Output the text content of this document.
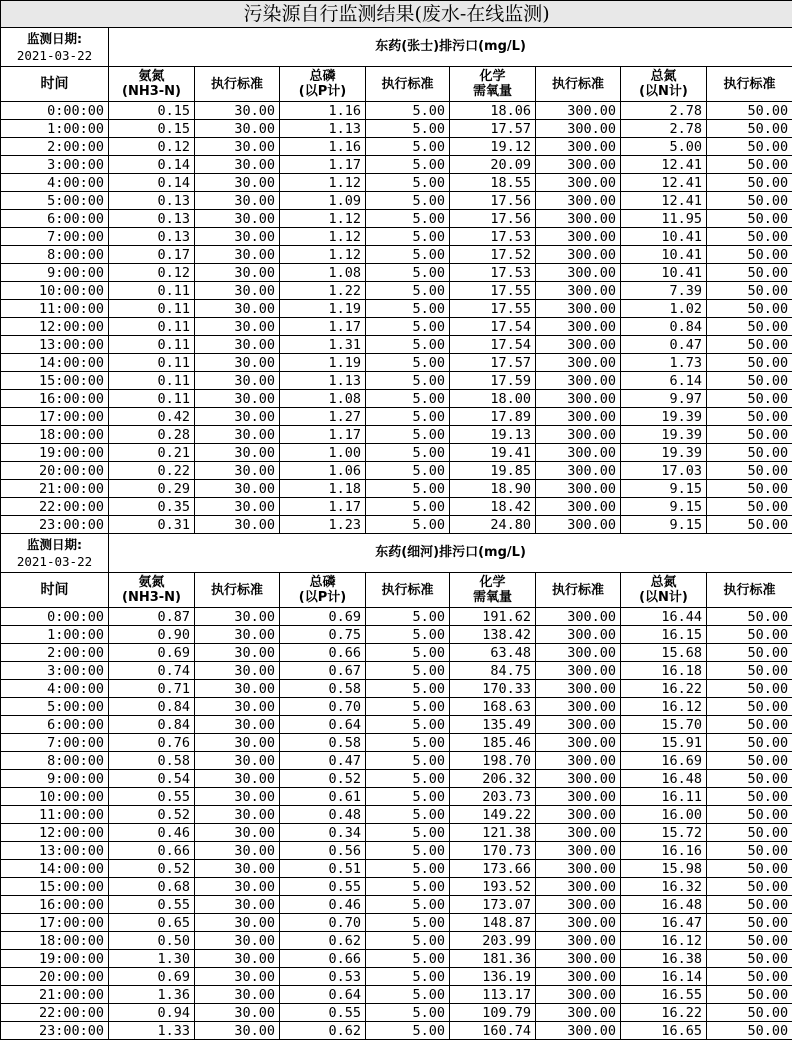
污染源自行监测结果(废水-在线监测)								

监测日期:
2021-03-22	东药(张士)排污口(mg/L)							
时间	氨氮
(NH3-N)	执行标准	总磷
(以P计)	执行标准	化学
需氧量	执行标准	总氮
(以N计)	执行标准
0:00:00	0.15	30.00	1.16	5.00	18.06	300.00	2.78	50.00
1:00:00	0.15	30.00	1.13	5.00	17.57	300.00	2.78	50.00
2:00:00	0.12	30.00	1.16	5.00	19.12	300.00	5.00	50.00
3:00:00	0.14	30.00	1.17	5.00	20.09	300.00	12.41	50.00
4:00:00	0.14	30.00	1.12	5.00	18.55	300.00	12.41	50.00
5:00:00	0.13	30.00	1.09	5.00	17.56	300.00	12.41	50.00
6:00:00	0.13	30.00	1.12	5.00	17.56	300.00	11.95	50.00
7:00:00	0.13	30.00	1.12	5.00	17.53	300.00	10.41	50.00
8:00:00	0.17	30.00	1.12	5.00	17.52	300.00	10.41	50.00
9:00:00	0.12	30.00	1.08	5.00	17.53	300.00	10.41	50.00
10:00:00	0.11	30.00	1.22	5.00	17.55	300.00	7.39	50.00
11:00:00	0.11	30.00	1.19	5.00	17.55	300.00	1.02	50.00
12:00:00	0.11	30.00	1.17	5.00	17.54	300.00	0.84	50.00
13:00:00	0.11	30.00	1.31	5.00	17.54	300.00	0.47	50.00
14:00:00	0.11	30.00	1.19	5.00	17.57	300.00	1.73	50.00
15:00:00	0.11	30.00	1.13	5.00	17.59	300.00	6.14	50.00
16:00:00	0.11	30.00	1.08	5.00	18.00	300.00	9.97	50.00
17:00:00	0.42	30.00	1.27	5.00	17.89	300.00	19.39	50.00
18:00:00	0.28	30.00	1.17	5.00	19.13	300.00	19.39	50.00
19:00:00	0.21	30.00	1.00	5.00	19.41	300.00	19.39	50.00
20:00:00	0.22	30.00	1.06	5.00	19.85	300.00	17.03	50.00
21:00:00	0.29	30.00	1.18	5.00	18.90	300.00	9.15	50.00
22:00:00	0.35	30.00	1.17	5.00	18.42	300.00	9.15	50.00
23:00:00	0.31	30.00	1.23	5.00	24.80	300.00	9.15	50.00

监测日期:
2021-03-22	东药(细河)排污口(mg/L)							
时间	氨氮
(NH3-N)	执行标准	总磷
(以P计)	执行标准	化学
需氧量	执行标准	总氮
(以N计)	执行标准
0:00:00	0.87	30.00	0.69	5.00	191.62	300.00	16.44	50.00
1:00:00	0.90	30.00	0.75	5.00	138.42	300.00	16.15	50.00
2:00:00	0.69	30.00	0.66	5.00	63.48	300.00	15.68	50.00
3:00:00	0.74	30.00	0.67	5.00	84.75	300.00	16.18	50.00
4:00:00	0.71	30.00	0.58	5.00	170.33	300.00	16.22	50.00
5:00:00	0.84	30.00	0.70	5.00	168.63	300.00	16.12	50.00
6:00:00	0.84	30.00	0.64	5.00	135.49	300.00	15.70	50.00
7:00:00	0.76	30.00	0.58	5.00	185.46	300.00	15.91	50.00
8:00:00	0.58	30.00	0.47	5.00	198.70	300.00	16.69	50.00
9:00:00	0.54	30.00	0.52	5.00	206.32	300.00	16.48	50.00
10:00:00	0.55	30.00	0.61	5.00	203.73	300.00	16.11	50.00
11:00:00	0.52	30.00	0.48	5.00	149.22	300.00	16.00	50.00
12:00:00	0.46	30.00	0.34	5.00	121.38	300.00	15.72	50.00
13:00:00	0.66	30.00	0.56	5.00	170.73	300.00	16.16	50.00
14:00:00	0.52	30.00	0.51	5.00	173.66	300.00	15.98	50.00
15:00:00	0.68	30.00	0.55	5.00	193.52	300.00	16.32	50.00
16:00:00	0.55	30.00	0.46	5.00	173.07	300.00	16.48	50.00
17:00:00	0.65	30.00	0.70	5.00	148.87	300.00	16.47	50.00
18:00:00	0.50	30.00	0.62	5.00	203.99	300.00	16.12	50.00
19:00:00	1.30	30.00	0.66	5.00	181.36	300.00	16.38	50.00
20:00:00	0.69	30.00	0.53	5.00	136.19	300.00	16.14	50.00
21:00:00	1.36	30.00	0.64	5.00	113.17	300.00	16.55	50.00
22:00:00	0.94	30.00	0.55	5.00	109.79	300.00	16.22	50.00
23:00:00	1.33	30.00	0.62	5.00	160.74	300.00	16.65	50.00
